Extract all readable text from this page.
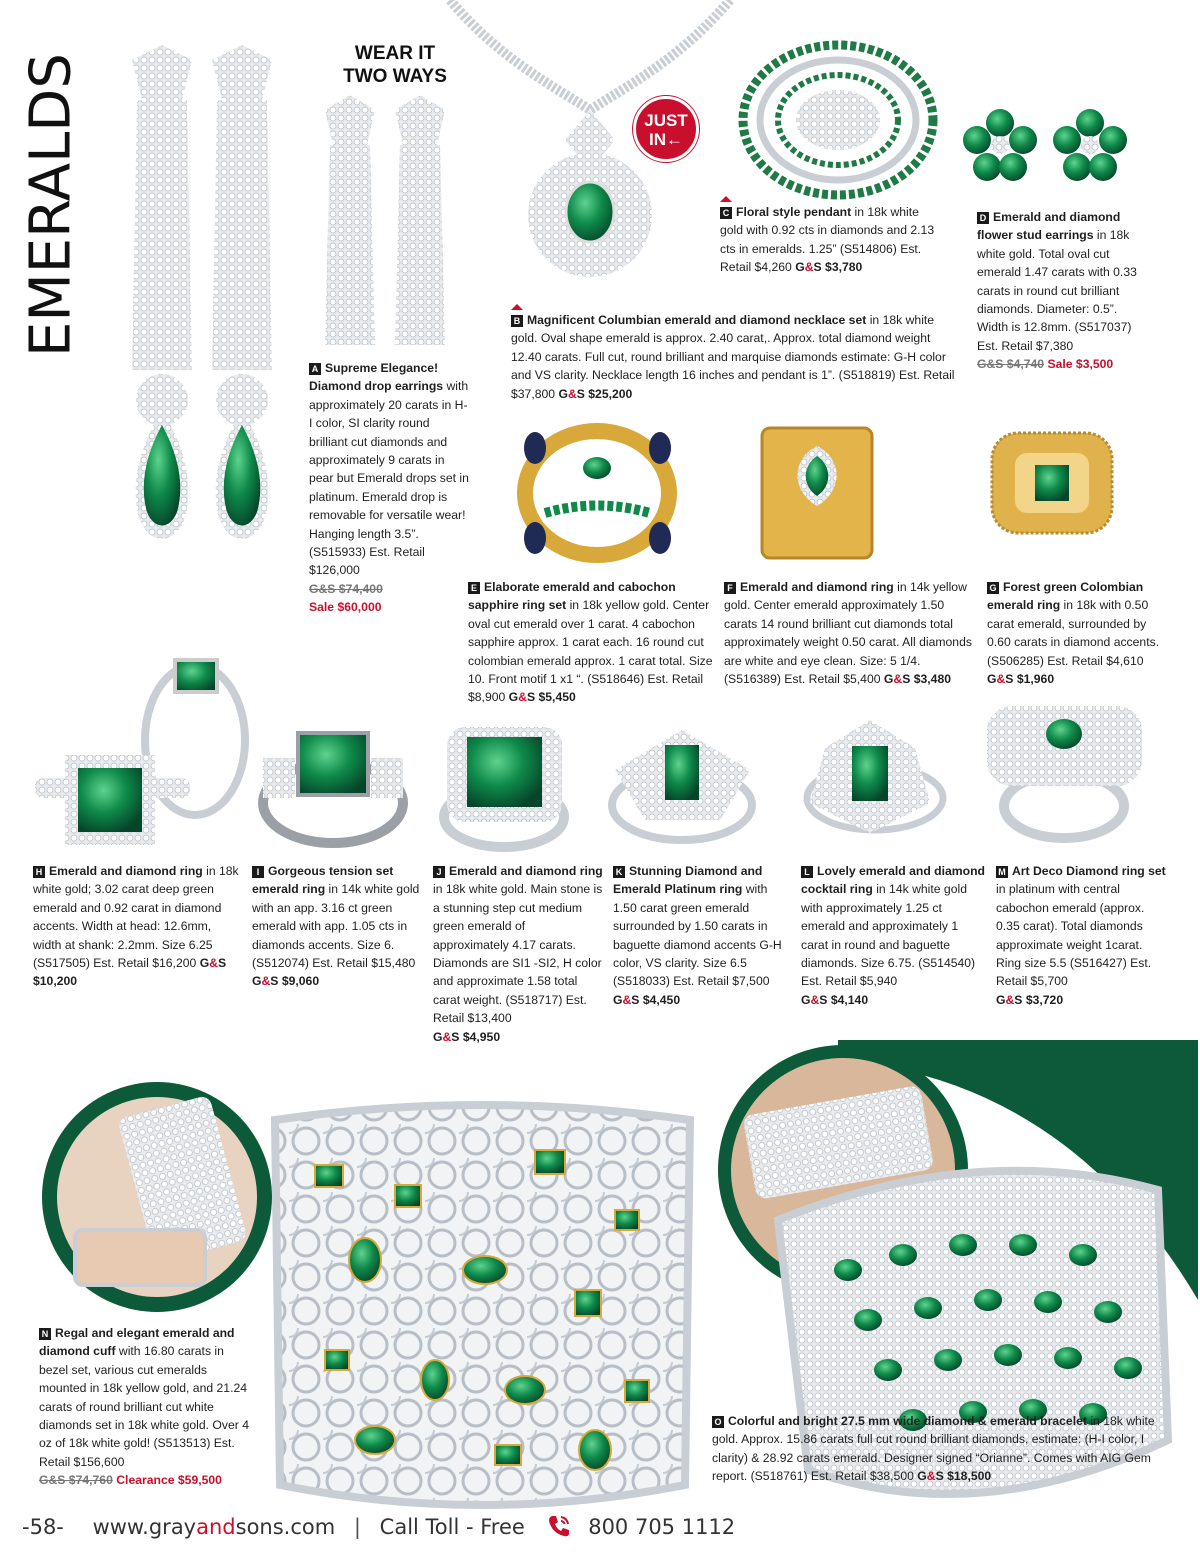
EMERALDS	WEAR IT
TWO WAYS
JUST
IN←
A Supreme Elegance! Diamond drop earrings with approximately 20 carats in H-I color, SI clarity round brilliant cut diamonds and approximately 9 carats in pear but Emerald drops set in platinum. Emerald drop is removable for versatile wear! Hanging length 3.5”. (S515933) Est. Retail $126,000
G&S $74,400
Sale $60,000
B Magnificent Columbian emerald and diamond necklace set in 18k white gold. Oval shape emerald is approx. 2.40 carat,. Approx. total diamond weight 12.40 carats. Full cut, round brilliant and marquise diamonds estimate: G-H color and VS clarity. Necklace length 16 inches and pendant is 1”. (S518819) Est. Retail $37,800 G&S $25,200
C Floral style pendant in 18k white gold with 0.92 cts in diamonds and 2.13 cts in emeralds. 1.25” (S514806) Est. Retail $4,260 G&S $3,780
D Emerald and diamond flower stud earrings in 18k white gold. Total oval cut emerald 1.47 carats with 0.33 carats in round cut brilliant diamonds. Diameter: 0.5”. Width is 12.8mm. (S517037) Est. Retail $7,380
G&S $4,740 Sale $3,500
E Elaborate emerald and cabochon sapphire ring set in 18k yellow gold. Center oval cut emerald over 1 carat. 4 cabochon sapphire approx. 1 carat each. 16 round cut colombian emerald approx. 1 carat total. Size 10. Front motif 1 x1 “. (S518646) Est. Retail $8,900 G&S $5,450
F Emerald and diamond ring in 14k yellow gold. Center emerald approximately 1.50 carats 14 round brilliant cut diamonds total approximately weight 0.50 carat. All diamonds are white and eye clean. Size: 5 1/4. (S516389) Est. Retail $5,400 G&S $3,480
G Forest green Colombian emerald ring in 18k with 0.50 carat emerald, surrounded by 0.60 carats in diamond accents. (S506285) Est. Retail $4,610 G&S $1,960
H Emerald and diamond ring in 18k white gold; 3.02 carat deep green emerald and 0.92 carat in diamond accents. Width at head: 12.6mm, width at shank: 2.2mm. Size 6.25 (S517505) Est. Retail $16,200 G&S $10,200
I Gorgeous tension set emerald ring in 14k white gold with an app. 3.16 ct green emerald with app. 1.05 cts in diamonds accents. Size 6. (S512074) Est. Retail $15,480
G&S $9,060
J Emerald and diamond ring in 18k white gold. Main stone is a stunning step cut medium green emerald of approximately 4.17 carats. Diamonds are SI1 -SI2, H color and approximate 1.58 total carat weight. (S518717) Est. Retail $13,400
G&S $4,950
K Stunning Diamond and Emerald Platinum ring with 1.50 carat green emerald surrounded by 1.50 carats in baguette diamond accents G-H color, VS clarity. Size 6.5 (S518033) Est. Retail $7,500 G&S $4,450
L Lovely emerald and diamond cocktail ring in 14k white gold with approximately 1.25 ct emerald and approximately 1 carat in round and baguette diamonds. Size 6.75. (S514540) Est. Retail $5,940
G&S $4,140
M Art Deco Diamond ring set in platinum with central cabochon emerald (approx. 0.35 carat). Total diamonds approximate weight 1carat. Ring size 5.5 (S516427) Est. Retail $5,700
G&S $3,720
N Regal and elegant emerald and diamond cuff with 16.80 carats in bezel set, various cut emeralds mounted in 18k yellow gold, and 21.24 carats of round brilliant cut white diamonds set in 18k white gold. Over 4 oz of 18k white gold! (S513513) Est. Retail $156,600
G&S $74,760 Clearance $59,500
O Colorful and bright 27.5 mm wide diamond & emerald bracelet in 18k white gold. Approx. 15.86 carats full cut round brilliant diamonds, estimate: (H-I color, I clarity) & 28.92 carats emerald. Designer signed “Orianne”. Comes with AIG Gem report. (S518761) Est. Retail $38,500 G&S $18,500
-58- www.grayandsons.com | Call Toll - Free	800 705 1112
